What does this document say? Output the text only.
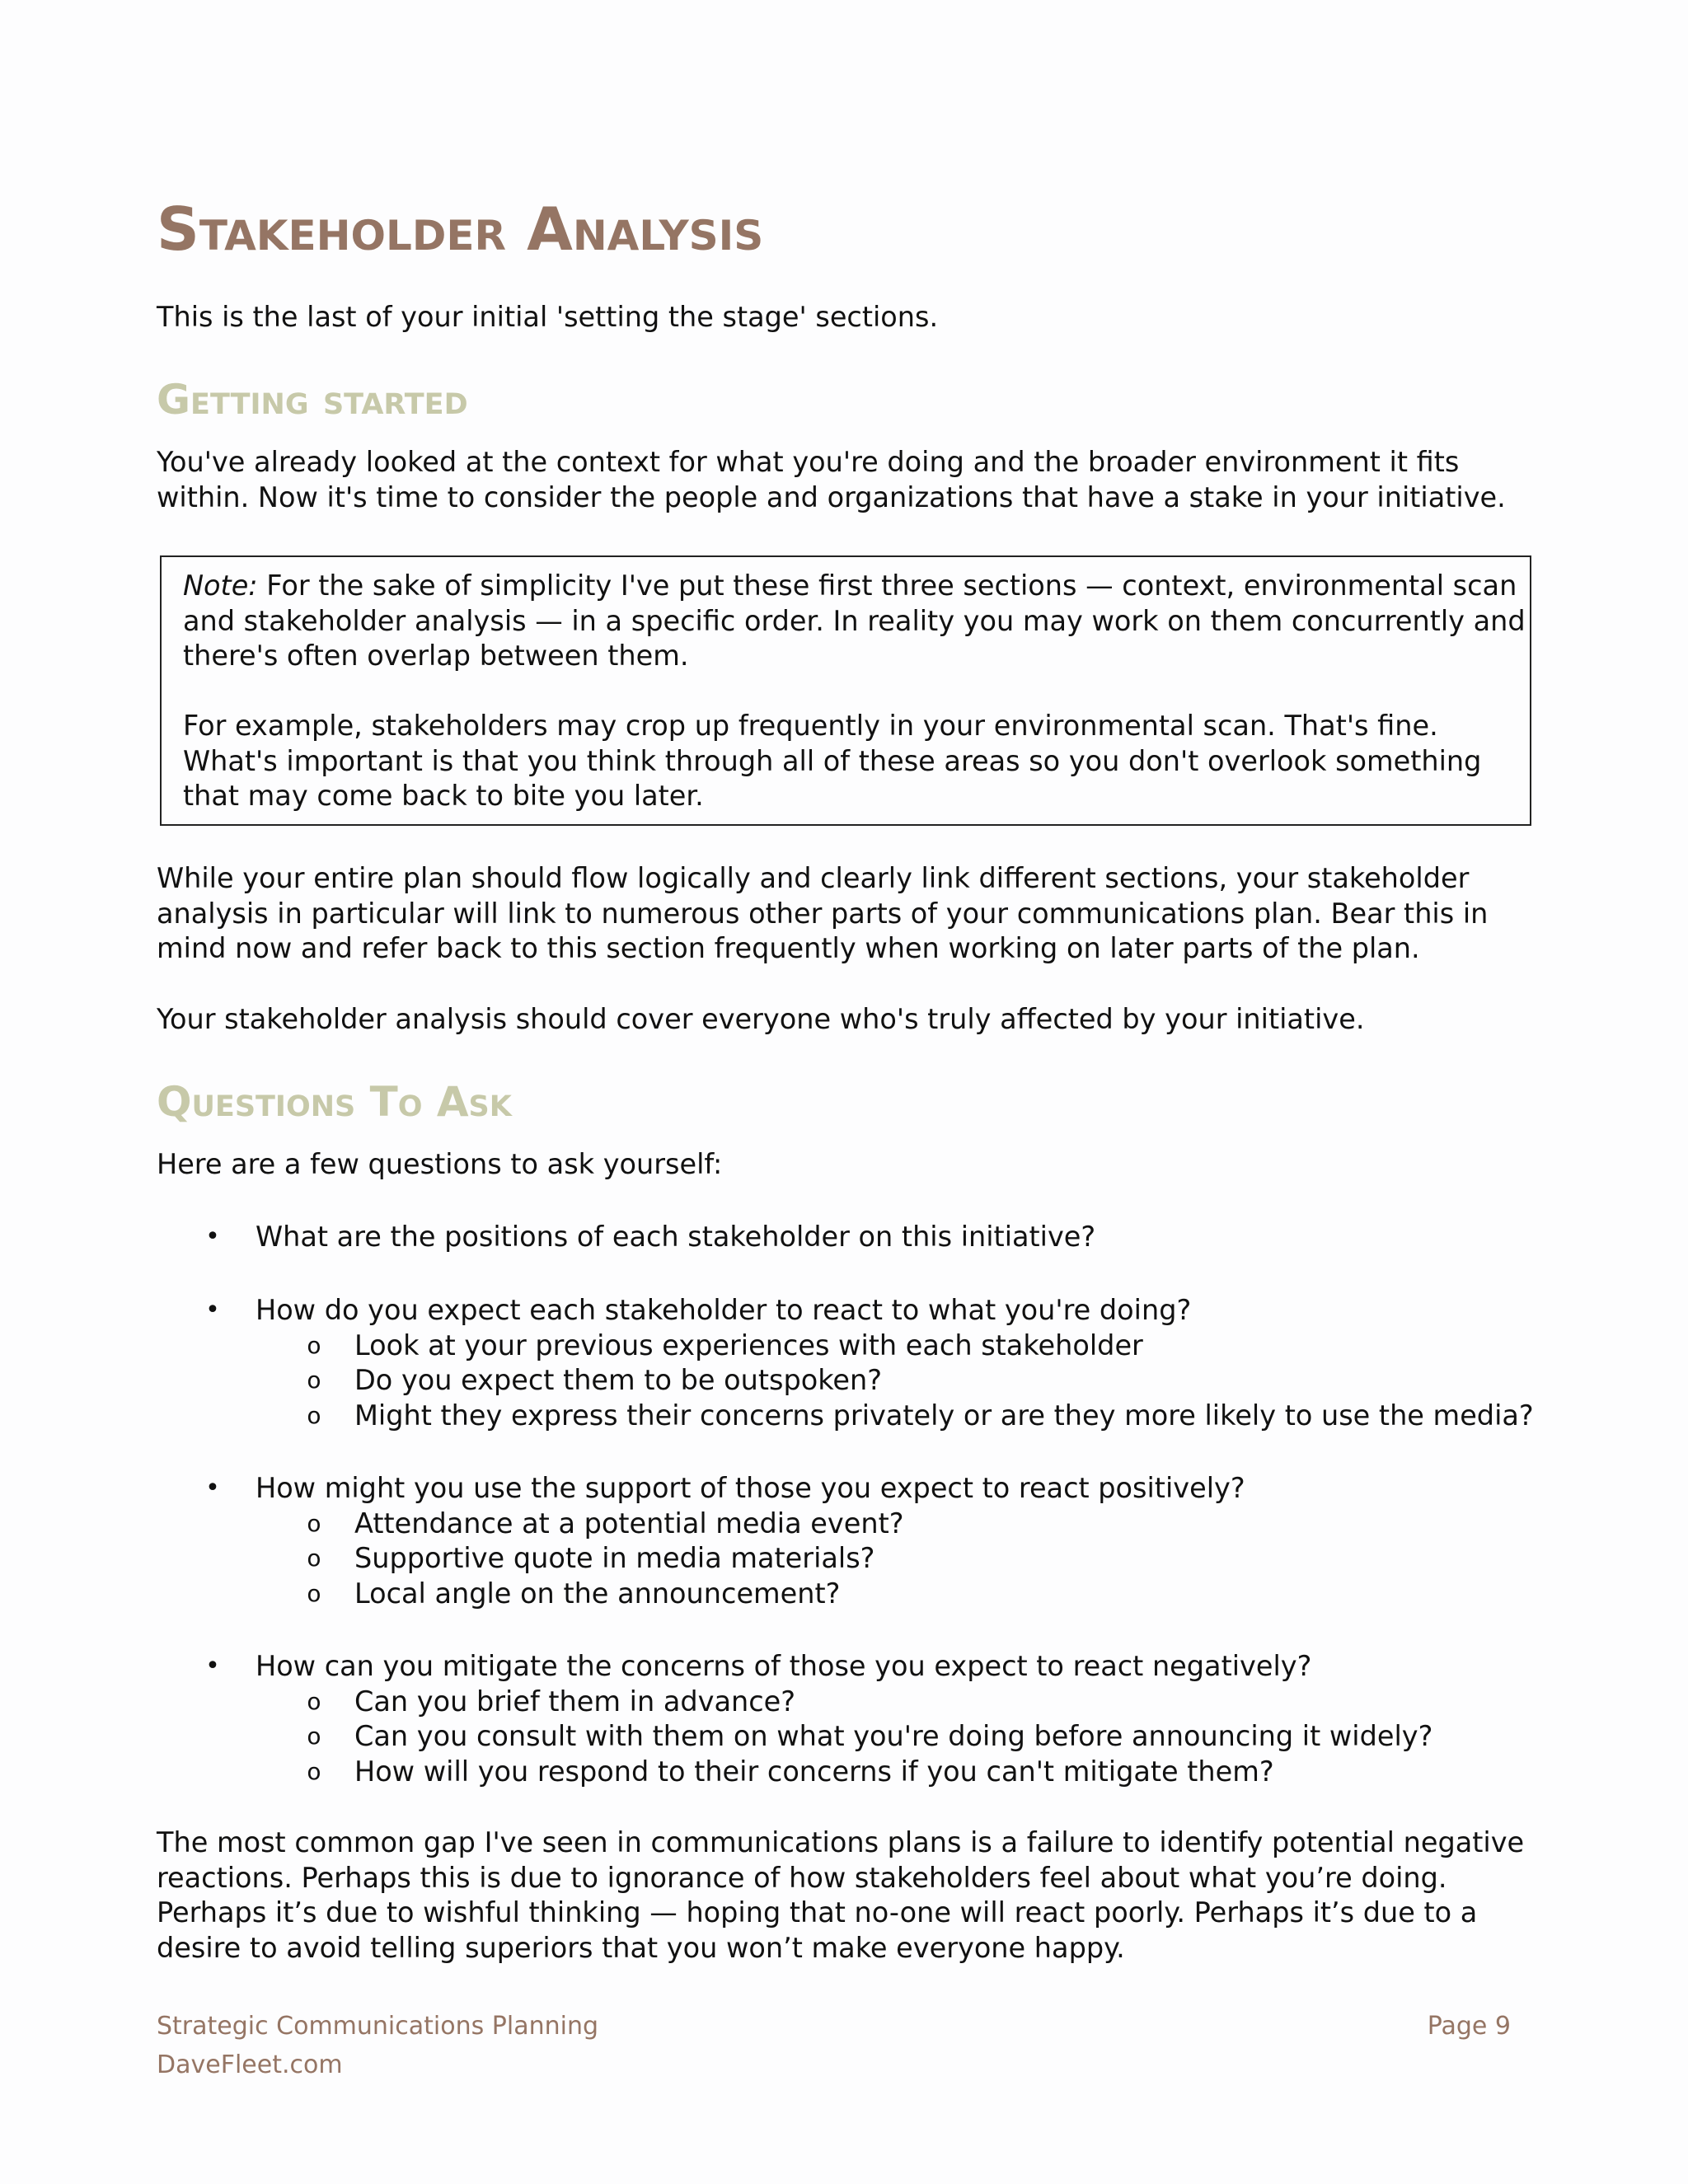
Stakeholder Analysis

This is the last of your initial 'setting the stage' sections.

Getting started

You've already looked at the context for what you're doing and the broader environment it fits

within. Now it's time to consider the people and organizations that have a stake in your initiative.

Note: For the sake of simplicity I've put these first three sections — context, environmental scan

and stakeholder analysis — in a specific order. In reality you may work on them concurrently and

there's often overlap between them.

For example, stakeholders may crop up frequently in your environmental scan. That's fine.

What's important is that you think through all of these areas so you don't overlook something

that may come back to bite you later.

While your entire plan should flow logically and clearly link different sections, your stakeholder

analysis in particular will link to numerous other parts of your communications plan. Bear this in

mind now and refer back to this section frequently when working on later parts of the plan.

Your stakeholder analysis should cover everyone who's truly affected by your initiative.

Questions To Ask

Here are a few questions to ask yourself:

• What are the positions of each stakeholder on this initiative?
• How do you expect each stakeholder to react to what you're doing?
o Look at your previous experiences with each stakeholder
o Do you expect them to be outspoken?
o Might they express their concerns privately or are they more likely to use the media?
• How might you use the support of those you expect to react positively?
o Attendance at a potential media event?
o Supportive quote in media materials?
o Local angle on the announcement?
• How can you mitigate the concerns of those you expect to react negatively?
o Can you brief them in advance?
o Can you consult with them on what you're doing before announcing it widely?
o How will you respond to their concerns if you can't mitigate them?

The most common gap I've seen in communications plans is a failure to identify potential negative

reactions. Perhaps this is due to ignorance of how stakeholders feel about what you’re doing.

Perhaps it’s due to wishful thinking — hoping that no-one will react poorly. Perhaps it’s due to a

desire to avoid telling superiors that you won’t make everyone happy.

Strategic Communications Planning
DaveFleet.com
Page 9
